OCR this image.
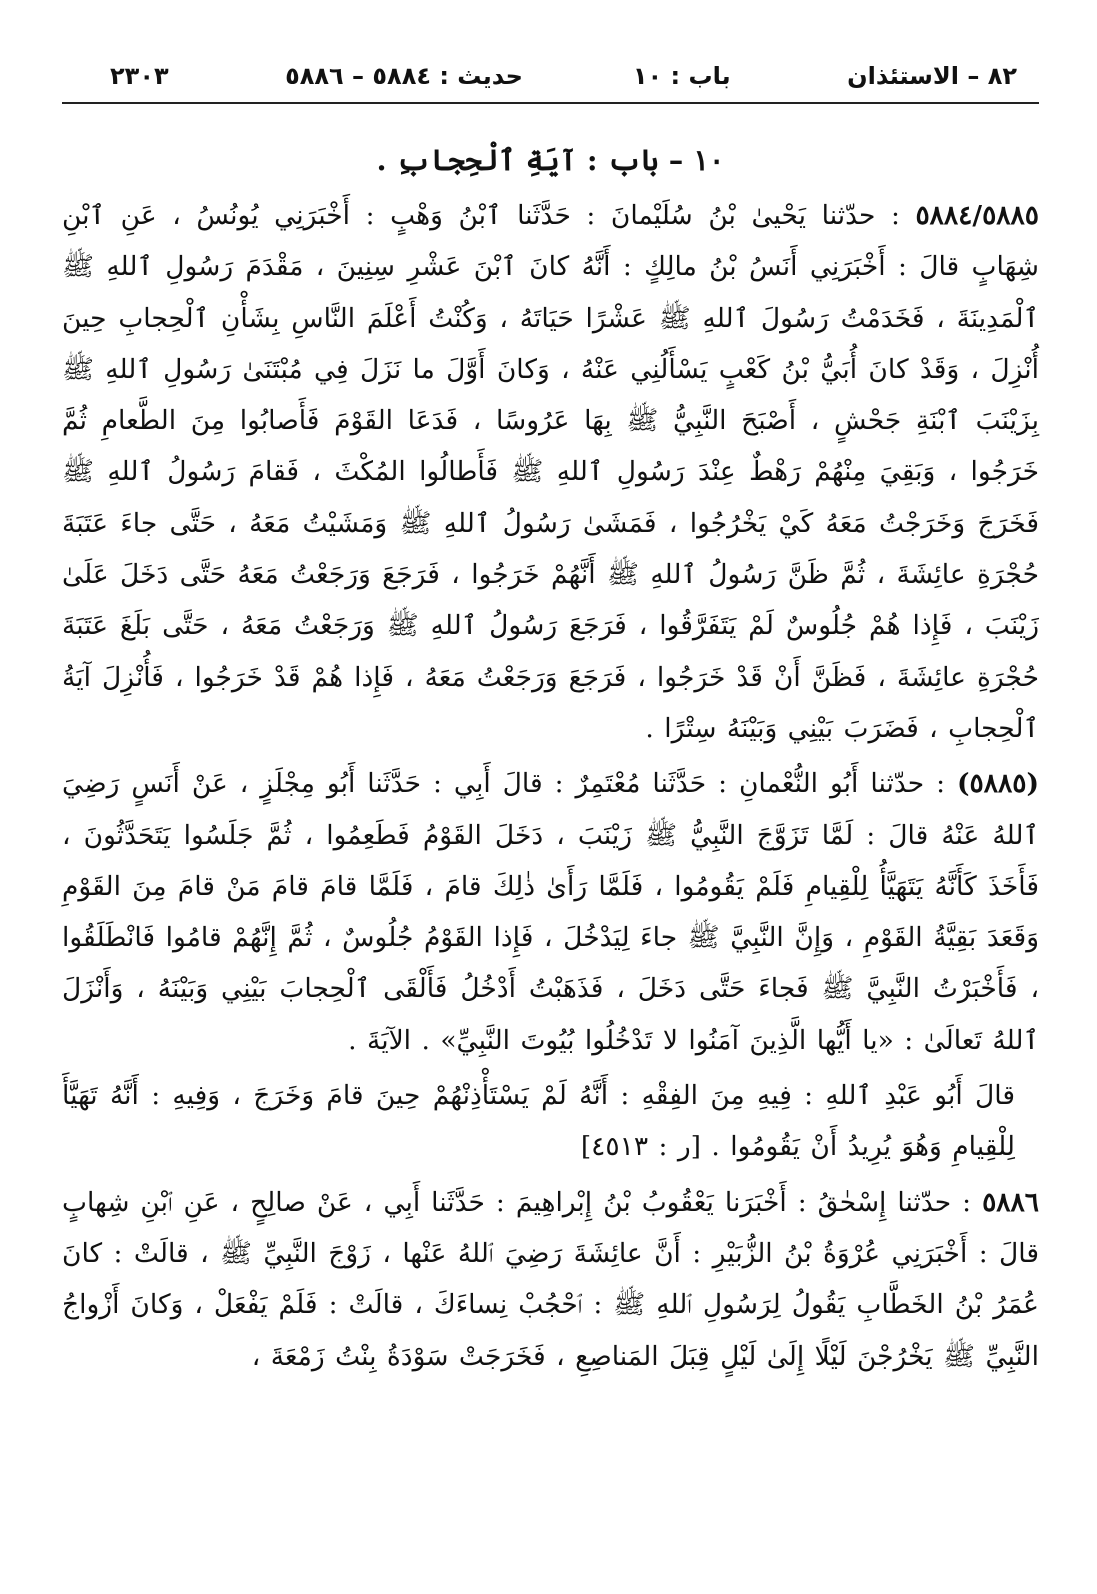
٨٢ – الاستئذان
باب : ١٠
حديث : ٥٨٨٤ – ٥٨٨٦
٢٣٠٣
١٠ – باب : آيَةِ ٱلْحِجابِ .

٥٨٨٤/٥٨٨٥ : حدّثنا يَحْيىٰ بْنُ سُلَيْمانَ : حَدَّثَنا ٱبْنُ وَهْبٍ : أَخْبَرَنِي يُونُسُ ، عَنِ ٱبْنِ شِهَابٍ قالَ : أَخْبَرَنِي أَنَسُ بْنُ مالِكٍ : أَنَّهُ كانَ ٱبْنَ عَشْرِ سِنِينَ ، مَقْدَمَ رَسُولِ ٱللهِ ﷺ ٱلْمَدِينَةَ ، فَخَدَمْتُ رَسُولَ ٱللهِ ﷺ عَشْرًا حَيَاتَهُ ، وَكُنْتُ أَعْلَمَ النَّاسِ بِشَأْنِ ٱلْحِجابِ حِينَ أُنْزِلَ ، وَقَدْ كانَ أُبَيُّ بْنُ كَعْبٍ يَسْأَلُنِي عَنْهُ ، وَكانَ أَوَّلَ ما نَزَلَ فِي مُبْتَنَىٰ رَسُولِ ٱللهِ ﷺ بِزَيْنَبَ ٱبْنَةِ جَحْشٍ ، أَصْبَحَ النَّبِيُّ ﷺ بِهَا عَرُوسًا ، فَدَعَا القَوْمَ فَأَصابُوا مِنَ الطَّعامِ ثُمَّ خَرَجُوا ، وَبَقِيَ مِنْهُمْ رَهْطٌ عِنْدَ رَسُولِ ٱللهِ ﷺ فَأَطالُوا المُكْثَ ، فَقامَ رَسُولُ ٱللهِ ﷺ فَخَرَجَ وَخَرَجْتُ مَعَهُ كَيْ يَخْرُجُوا ، فَمَشَىٰ رَسُولُ ٱللهِ ﷺ وَمَشَيْتُ مَعَهُ ، حَتَّى جاءَ عَتَبَةَ حُجْرَةِ عائِشَةَ ، ثُمَّ ظَنَّ رَسُولُ ٱللهِ ﷺ أَنَّهُمْ خَرَجُوا ، فَرَجَعَ وَرَجَعْتُ مَعَهُ حَتَّى دَخَلَ عَلَىٰ زَيْنَبَ ، فَإِذا هُمْ جُلُوسٌ لَمْ يَتَفَرَّقُوا ، فَرَجَعَ رَسُولُ ٱللهِ ﷺ وَرَجَعْتُ مَعَهُ ، حَتَّى بَلَغَ عَتَبَةَ حُجْرَةِ عائِشَةَ ، فَظَنَّ أَنْ قَدْ خَرَجُوا ، فَرَجَعَ وَرَجَعْتُ مَعَهُ ، فَإِذا هُمْ قَدْ خَرَجُوا ، فَأُنْزِلَ آيَةُ ٱلْحِجابِ ، فَضَرَبَ بَيْنِي وَبَيْنَهُ سِتْرًا .

(٥٨٨٥) : حدّثنا أَبُو النُّعْمانِ : حَدَّثَنا مُعْتَمِرٌ : قالَ أَبِي : حَدَّثَنا أَبُو مِجْلَزٍ ، عَنْ أَنَسٍ رَضِيَ ٱللهُ عَنْهُ قالَ : لَمَّا تَزَوَّجَ النَّبِيُّ ﷺ زَيْنَبَ ، دَخَلَ القَوْمُ فَطَعِمُوا ، ثُمَّ جَلَسُوا يَتَحَدَّثُونَ ، فَأَخَذَ كَأَنَّهُ يَتَهَيَّأُ لِلْقِيامِ فَلَمْ يَقُومُوا ، فَلَمَّا رَأَىٰ ذٰلِكَ قامَ ، فَلَمَّا قامَ قامَ مَنْ قامَ مِنَ القَوْمِ وَقَعَدَ بَقِيَّةُ القَوْمِ ، وَإِنَّ النَّبِيَّ ﷺ جاءَ لِيَدْخُلَ ، فَإِذا القَوْمُ جُلُوسٌ ، ثُمَّ إِنَّهُمْ قامُوا فَانْطَلَقُوا ، فَأَخْبَرْتُ النَّبِيَّ ﷺ فَجاءَ حَتَّى دَخَلَ ، فَذَهَبْتُ أَدْخُلُ فَأَلْقَى ٱلْحِجابَ بَيْنِي وَبَيْنَهُ ، وَأَنْزَلَ ٱللهُ تَعالَىٰ : «يا أَيُّها الَّذِينَ آمَنُوا لا تَدْخُلُوا بُيُوتَ النَّبِيِّ» . الآيَةَ .

قالَ أَبُو عَبْدِ ٱللهِ : فِيهِ مِنَ الفِقْهِ : أَنَّهُ لَمْ يَسْتَأْذِنْهُمْ حِينَ قامَ وَخَرَجَ ، وَفِيهِ : أَنَّهُ تَهَيَّأَ لِلْقِيامِ وَهُوَ يُرِيدُ أَنْ يَقُومُوا . [ر : ٤٥١٣]

٥٨٨٦ : حدّثنا إِسْحٰقُ : أَخْبَرَنا يَعْقُوبُ بْنُ إِبْراهِيمَ : حَدَّثَنا أَبِي ، عَنْ صالِحٍ ، عَنِ ٱبْنِ شِهابٍ قالَ : أَخْبَرَنِي عُرْوَةُ بْنُ الزُّبَيْرِ : أَنَّ عائِشَةَ رَضِيَ ٱللهُ عَنْها ، زَوْجَ النَّبِيِّ ﷺ ، قالَتْ : كانَ عُمَرُ بْنُ الخَطَّابِ يَقُولُ لِرَسُولِ ٱللهِ ﷺ : ٱحْجُبْ نِساءَكَ ، قالَتْ : فَلَمْ يَفْعَلْ ، وَكانَ أَزْواجُ النَّبِيِّ ﷺ يَخْرُجْنَ لَيْلًا إِلَىٰ لَيْلٍ قِبَلَ المَناصِعِ ، فَخَرَجَتْ سَوْدَةُ بِنْتُ زَمْعَةَ ،
